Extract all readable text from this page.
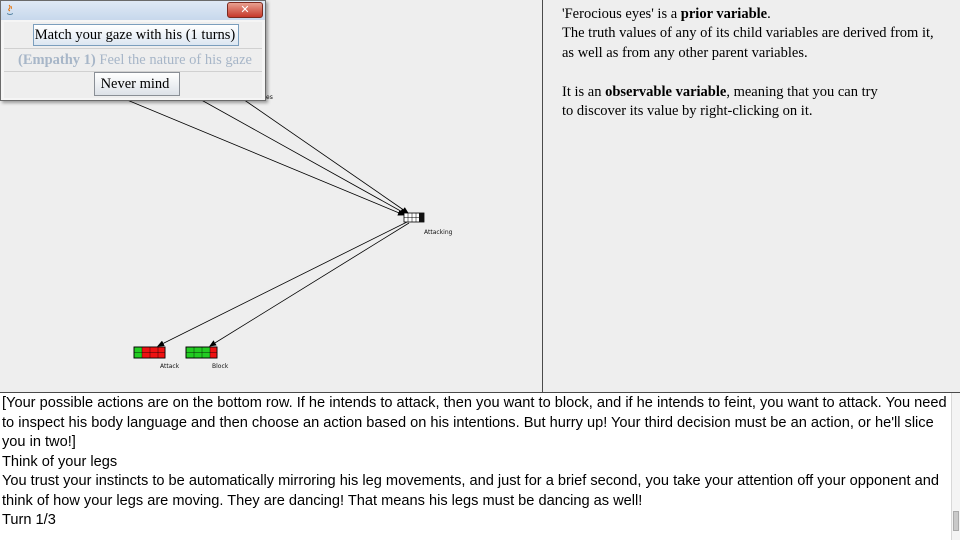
Attacking
Attack	Block
es
'Ferocious eyes' is a prior variable.
The truth values of any of its child variables are derived from it,
as well as from any other parent variables.
It is an observable variable, meaning that you can try
to discover its value by right-clicking on it.
[Your possible actions are on the bottom row. If he intends to attack, then you want to block, and if he intends to feint, you want to attack. You need to inspect his body language and then choose an action based on his intentions. But hurry up! Your third decision must be an action, or he'll slice you in two!]
Think of your legs
You trust your instincts to be automatically mirroring his leg movements, and just for a brief second, you take your attention off your opponent and think of how your legs are moving. They are dancing! That means his legs must be dancing as well!
Turn 1/3
✕
Match your gaze with his (1 turns)
(Empathy 1) Feel the nature of his gaze
Never mind
